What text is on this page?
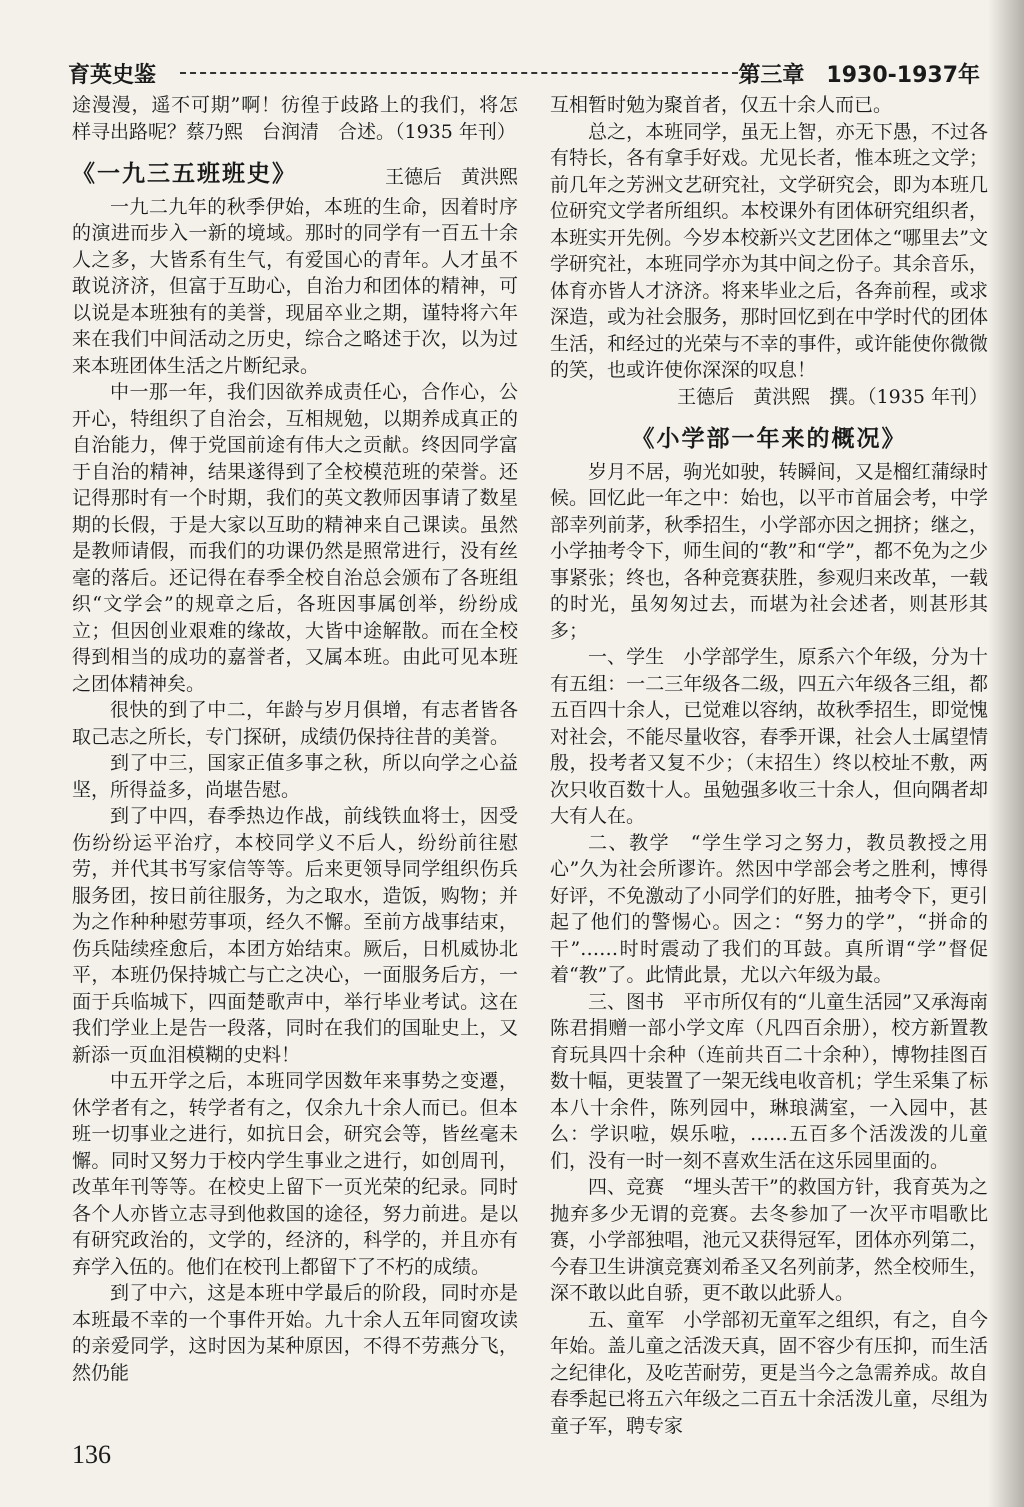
育英史鉴	第三章　1930-1937年

途漫漫，遥不可期”啊！彷徨于歧路上的我们，将怎样寻出路呢？蔡乃熙　台润清　合述。（1935 年刊）

《一九三五班班史》	王德后　黄洪熙

一九二九年的秋季伊始，本班的生命，因着时序的演进而步入一新的境域。那时的同学有一百五十余人之多，大皆系有生气，有爱国心的青年。人才虽不敢说济济，但富于互助心，自治力和团体的精神，可以说是本班独有的美誉，现届卒业之期，谨特将六年来在我们中间活动之历史，综合之略述于次，以为过来本班团体生活之片断纪录。

中一那一年，我们因欲养成责任心，合作心，公开心，特组织了自治会，互相规勉，以期养成真正的自治能力，俾于党国前途有伟大之贡献。终因同学富于自治的精神，结果遂得到了全校模范班的荣誉。还记得那时有一个时期，我们的英文教师因事请了数星期的长假，于是大家以互助的精神来自己课读。虽然是教师请假，而我们的功课仍然是照常进行，没有丝毫的落后。还记得在春季全校自治总会颁布了各班组织“文学会”的规章之后，各班因事属创举，纷纷成立；但因创业艰难的缘故，大皆中途解散。而在全校得到相当的成功的嘉誉者，又属本班。由此可见本班之团体精神矣。

很快的到了中二，年龄与岁月俱增，有志者皆各取己志之所长，专门探研，成绩仍保持往昔的美誉。

到了中三，国家正值多事之秋，所以向学之心益坚，所得益多，尚堪告慰。

到了中四，春季热边作战，前线铁血将士，因受伤纷纷运平治疗，本校同学义不后人，纷纷前往慰劳，并代其书写家信等等。后来更领导同学组织伤兵服务团，按日前往服务，为之取水，造饭，购物；并为之作种种慰劳事项，经久不懈。至前方战事结束，伤兵陆续痊愈后，本团方始结束。厥后，日机威协北平，本班仍保持城亡与亡之决心，一面服务后方，一面于兵临城下，四面楚歌声中，举行毕业考试。这在我们学业上是告一段落，同时在我们的国耻史上，又新添一页血泪模糊的史料！

中五开学之后，本班同学因数年来事势之变遷，休学者有之，转学者有之，仅余九十余人而已。但本班一切事业之进行，如抗日会，研究会等，皆丝毫未懈。同时又努力于校内学生事业之进行，如创周刊，改革年刊等等。在校史上留下一页光荣的纪录。同时各个人亦皆立志寻到他救国的途径，努力前进。是以有研究政治的，文学的，经济的，科学的，并且亦有弃学入伍的。他们在校刊上都留下了不朽的成绩。

到了中六，这是本班中学最后的阶段，同时亦是本班最不幸的一个事件开始。九十余人五年同窗攻读的亲爱同学，这时因为某种原因，不得不劳燕分飞，然仍能

互相暂时勉为聚首者，仅五十余人而已。

总之，本班同学，虽无上智，亦无下愚，不过各有特长，各有拿手好戏。尤见长者，惟本班之文学；前几年之芳洲文艺研究社，文学研究会，即为本班几位研究文学者所组织。本校课外有团体研究组织者，本班实开先例。今岁本校新兴文艺团体之“哪里去”文学研究社，本班同学亦为其中间之份子。其余音乐，体育亦皆人才济济。将来毕业之后，各奔前程，或求深造，或为社会服务，那时回忆到在中学时代的团体生活，和经过的光荣与不幸的事件，或许能使你微微的笑，也或许使你深深的叹息！

王德后　黄洪熙　撰。（1935 年刊）

《小学部一年来的概况》

岁月不居，驹光如驶，转瞬间，又是榴红蒲绿时候。回忆此一年之中：始也，以平市首届会考，中学部幸列前茅，秋季招生，小学部亦因之拥挤；继之，小学抽考令下，师生间的“教”和“学”，都不免为之少事紧张；终也，各种竞赛获胜，参观归来改革，一载的时光，虽匆匆过去，而堪为社会述者，则甚形其多；

一、学生　小学部学生，原系六个年级，分为十有五组：一二三年级各二级，四五六年级各三组，都五百四十余人，已觉难以容纳，故秋季招生，即觉愧对社会，不能尽量收容，春季开课，社会人士属望情殷，投考者又复不少；（末招生）终以校址不敷，两次只收百数十人。虽勉强多收三十余人，但向隅者却大有人在。

二、教学　“学生学习之努力，教员教授之用心”久为社会所谬许。然因中学部会考之胜利，博得好评，不免激动了小同学们的好胜，抽考令下，更引起了他们的警惕心。因之：“努力的学”，“拼命的干”……时时震动了我们的耳鼓。真所谓“学”督促着“教”了。此情此景，尤以六年级为最。

三、图书　平市所仅有的“儿童生活园”又承海南陈君捐赠一部小学文库（凡四百余册），校方新置教育玩具四十余种（连前共百二十余种），博物挂图百数十幅，更装置了一架无线电收音机；学生采集了标本八十余件，陈列园中，琳琅满室，一入园中，甚么：学识啦，娱乐啦，……五百多个活泼泼的儿童们，没有一时一刻不喜欢生活在这乐园里面的。

四、竞赛　“埋头苦干”的救国方针，我育英为之抛弃多少无谓的竞赛。去冬参加了一次平市唱歌比赛，小学部独唱，池元又获得冠军，团体亦列第二，今春卫生讲演竞赛刘希圣又名列前茅，然全校师生，深不敢以此自骄，更不敢以此骄人。

五、童军　小学部初无童军之组织，有之，自今年始。盖儿童之活泼天真，固不容少有压抑，而生活之纪律化，及吃苦耐劳，更是当今之急需养成。故自春季起已将五六年级之二百五十余活泼儿童，尽组为童子军，聘专家

136
